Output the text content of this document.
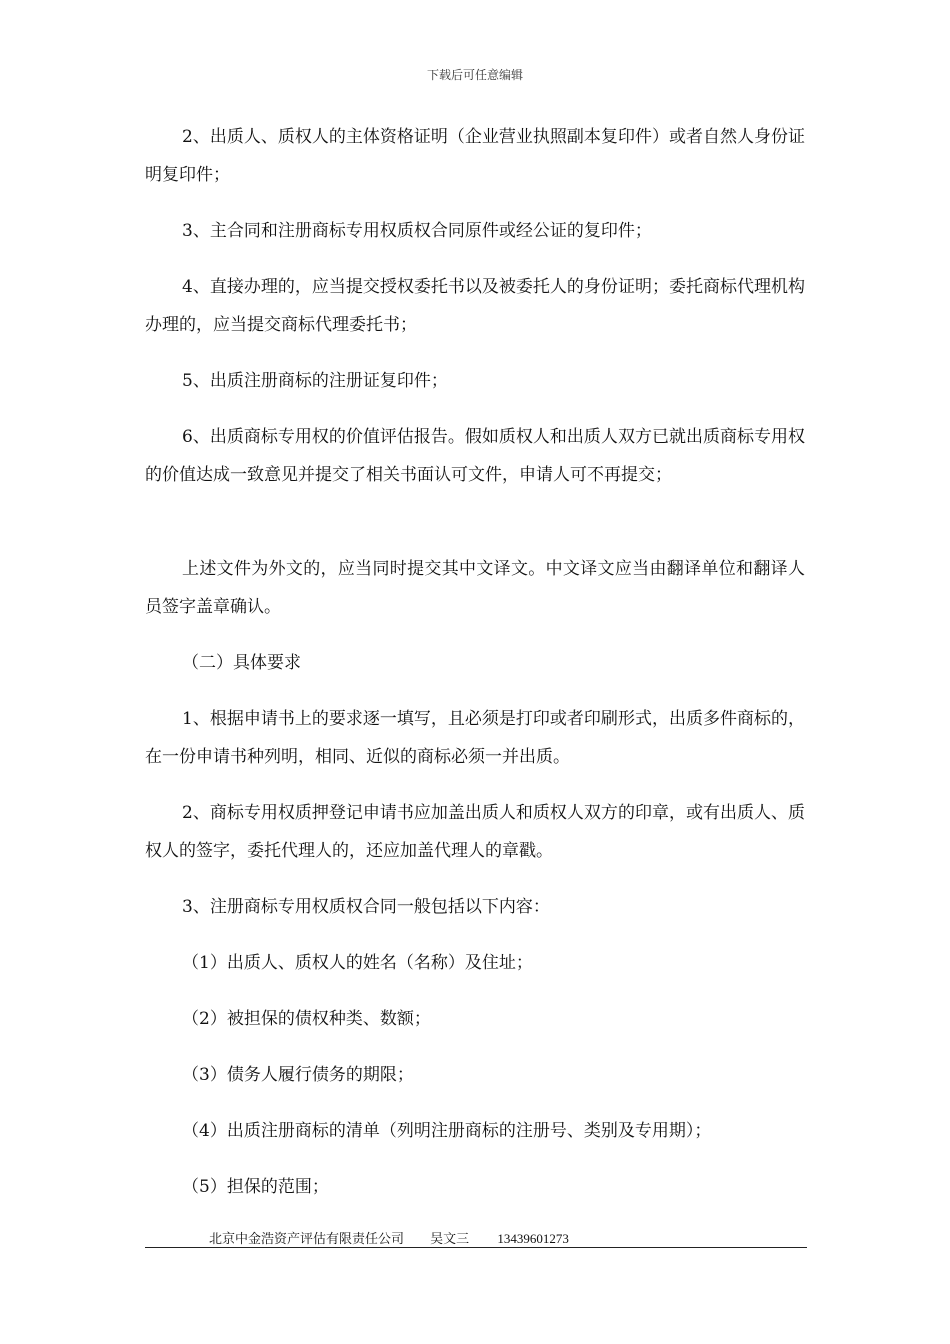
下载后可任意编辑

2、出质人、质权人的主体资格证明（企业营业执照副本复印件）或者自然人身份证明复印件；

3、主合同和注册商标专用权质权合同原件或经公证的复印件；

4、直接办理的，应当提交授权委托书以及被委托人的身份证明；委托商标代理机构办理的，应当提交商标代理委托书；

5、出质注册商标的注册证复印件；

6、出质商标专用权的价值评估报告。假如质权人和出质人双方已就出质商标专用权的价值达成一致意见并提交了相关书面认可文件，申请人可不再提交；

上述文件为外文的，应当同时提交其中文译文。中文译文应当由翻译单位和翻译人员签字盖章确认。

（二）具体要求

1、根据申请书上的要求逐一填写，且必须是打印或者印刷形式，出质多件商标的，在一份申请书种列明，相同、近似的商标必须一并出质。

2、商标专用权质押登记申请书应加盖出质人和质权人双方的印章，或有出质人、质权人的签字，委托代理人的，还应加盖代理人的章戳。

3、注册商标专用权质权合同一般包括以下内容：

（1）出质人、质权人的姓名（名称）及住址；

（2）被担保的债权种类、数额；

（3）债务人履行债务的期限；

（4）出质注册商标的清单（列明注册商标的注册号、类别及专用期）；

（5）担保的范围；

北京中金浩资产评估有限责任公司 吴文三 13439601273
